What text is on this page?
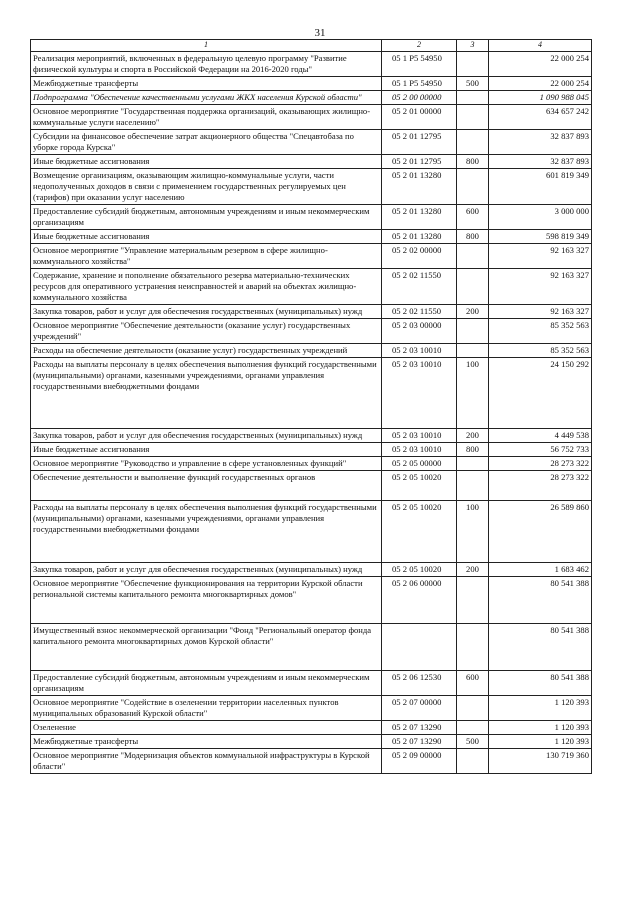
31
1	2	3	4
Реализация мероприятий, включенных в федеральную целевую программу "Развитие физической культуры и спорта в Российской Федерации на 2016-2020 годы"	05 1 P5 54950		22 000 254
Межбюджетные трансферты	05 1 P5 54950	500	22 000 254
Подпрограмма "Обеспечение качественными услугами ЖКХ населения Курской области"	05 2 00 00000		1 090 988 045
Основное мероприятие "Государственная поддержка организаций, оказывающих жилищно-коммунальные услуги населению"	05 2 01 00000		634 657 242
Субсидии на финансовое обеспечение затрат акционерного общества "Спецавтобаза по уборке города Курска"	05 2 01 12795		32 837 893
Иные бюджетные ассигнования	05 2 01 12795	800	32 837 893
Возмещение организациям, оказывающим жилищно-коммунальные услуги, части недополученных доходов в связи с применением государственных регулируемых цен (тарифов) при оказании услуг населению	05 2 01 13280		601 819 349
Предоставление субсидий бюджетным, автономным учреждениям и иным некоммерческим организациям	05 2 01 13280	600	3 000 000
Иные бюджетные ассигнования	05 2 01 13280	800	598 819 349
Основное мероприятие "Управление материальным резервом в сфере жилищно-коммунального хозяйства"	05 2 02 00000		92 163 327
Содержание, хранение и пополнение обязательного резерва материально-технических ресурсов для оперативного устранения неисправностей и аварий на объектах жилищно-коммунального хозяйства	05 2 02 11550		92 163 327
Закупка товаров, работ и услуг для обеспечения государственных (муниципальных) нужд	05 2 02 11550	200	92 163 327
Основное мероприятие "Обеспечение деятельности (оказание услуг) государственных учреждений"	05 2 03 00000		85 352 563
Расходы на обеспечение деятельности (оказание услуг) государственных учреждений	05 2 03 10010		85 352 563
Расходы на выплаты персоналу в целях обеспечения выполнения функций государственными (муниципальными) органами, казенными учреждениями, органами управления государственными внебюджетными фондами	05 2 03 10010	100	24 150 292
Закупка товаров, работ и услуг для обеспечения государственных (муниципальных) нужд	05 2 03 10010	200	4 449 538
Иные бюджетные ассигнования	05 2 03 10010	800	56 752 733
Основное мероприятие "Руководство и управление в сфере установленных функций"	05 2 05 00000		28 273 322
Обеспечение деятельности и выполнение функций государственных органов	05 2 05 10020		28 273 322
Расходы на выплаты персоналу в целях обеспечения выполнения функций государственными (муниципальными) органами, казенными учреждениями, органами управления государственными внебюджетными фондами	05 2 05 10020	100	26 589 860
Закупка товаров, работ и услуг для обеспечения государственных (муниципальных) нужд	05 2 05 10020	200	1 683 462
Основное мероприятие "Обеспечение функционирования на территории Курской области региональной системы капитального ремонта многоквартирных домов"	05 2 06 00000		80 541 388
Имущественный взнос некоммерческой организации "Фонд "Региональный оператор фонда капитального ремонта многоквартирных домов Курской области"			80 541 388
Предоставление субсидий бюджетным, автономным учреждениям и иным некоммерческим организациям	05 2 06 12530	600	80 541 388
Основное мероприятие "Содействие в озеленении территории населенных пунктов муниципальных образований Курской области"	05 2 07 00000		1 120 393
Озеленение	05 2 07 13290		1 120 393
Межбюджетные трансферты	05 2 07 13290	500	1 120 393
Основное мероприятие "Модернизация объектов коммунальной инфраструктуры в Курской области"	05 2 09 00000		130 719 360
